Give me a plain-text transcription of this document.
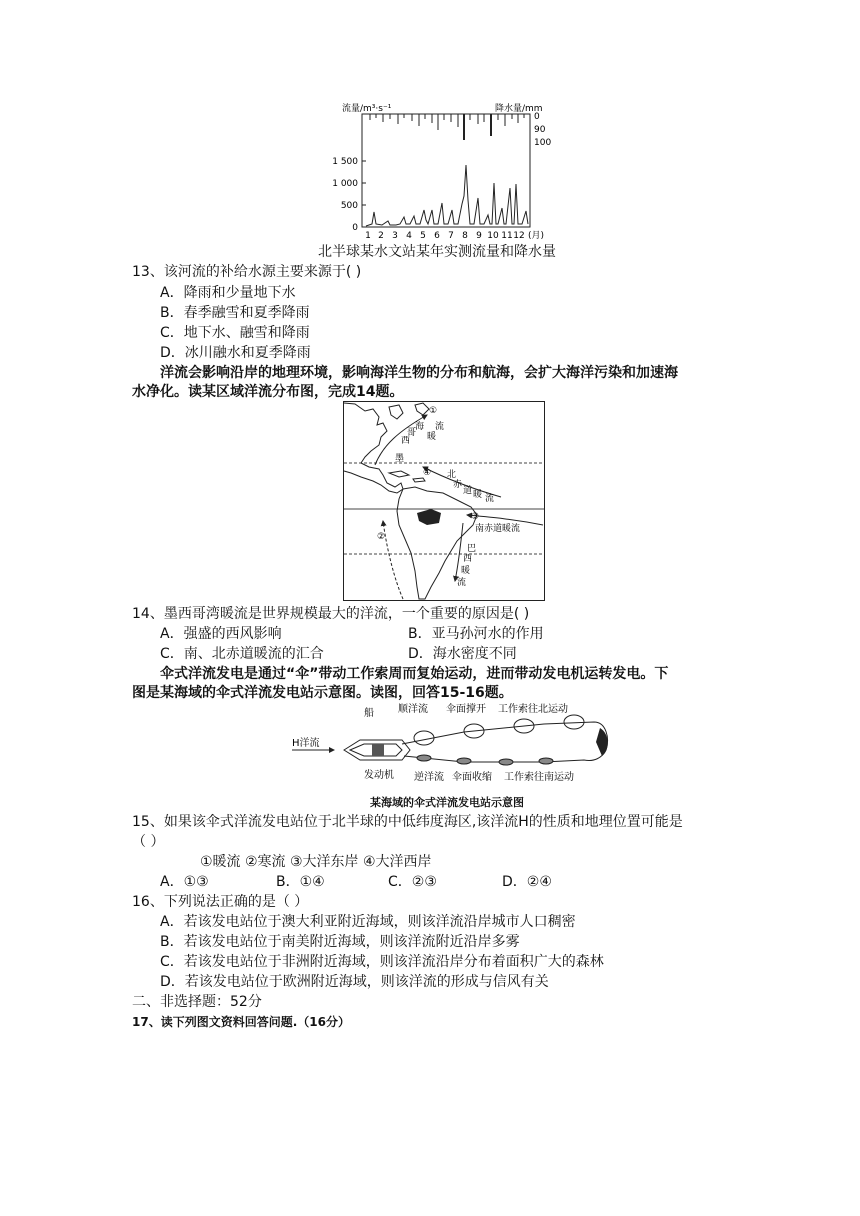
流量/m³·s⁻¹	降水量/mm
1 500
1 000
500
0
0
90
100
1 2 3 4 5 6 7 8 9 10 11 12 (月)
北半球某水文站某年实测流量和降水量
13、该河流的补给水源主要来源于( )
A．降雨和少量地下水
B．春季融雪和夏季降雨
C．地下水、融雪和降雨
D．冰川融水和夏季降雨
洋流会影响沿岸的地理环境，影响海洋生物的分布和航海，会扩大海洋污染和加速海
水净化。读某区域洋流分布图，完成14题。
①
④
③
②
西
哥
海
暖
流
墨
北
赤
道 暖 流
南赤道暖流
巴
西
暖
流
14、墨西哥湾暖流是世界规模最大的洋流，一个重要的原因是( )
A．强盛的西风影响	B．亚马孙河水的作用
C．南、北赤道暖流的汇合	D．海水密度不同
伞式洋流发电是通过“伞”带动工作索周而复始运动，进而带动发电机运转发电。下
图是某海域的伞式洋流发电站示意图。读图，回答15-16题。
船 顺洋流 伞面撑开 工作索往北运动
H洋流
发动机 逆洋流 伞面收缩 工作索往南运动
某海域的伞式洋流发电站示意图
15、如果该伞式洋流发电站位于北半球的中低纬度海区,该洋流H的性质和地理位置可能是
（ ）
①暖流 ②寒流 ③大洋东岸 ④大洋西岸
A．①③	B．①④	C．②③	D．②④
16、下列说法正确的是（ ）
A．若该发电站位于澳大利亚附近海域，则该洋流沿岸城市人口稠密
B．若该发电站位于南美附近海域，则该洋流附近沿岸多雾
C．若该发电站位于非洲附近海域，则该洋流沿岸分布着面积广大的森林
D．若该发电站位于欧洲附近海域，则该洋流的形成与信风有关
二、非选择题：52分
17、读下列图文资料回答问题.（16分）
